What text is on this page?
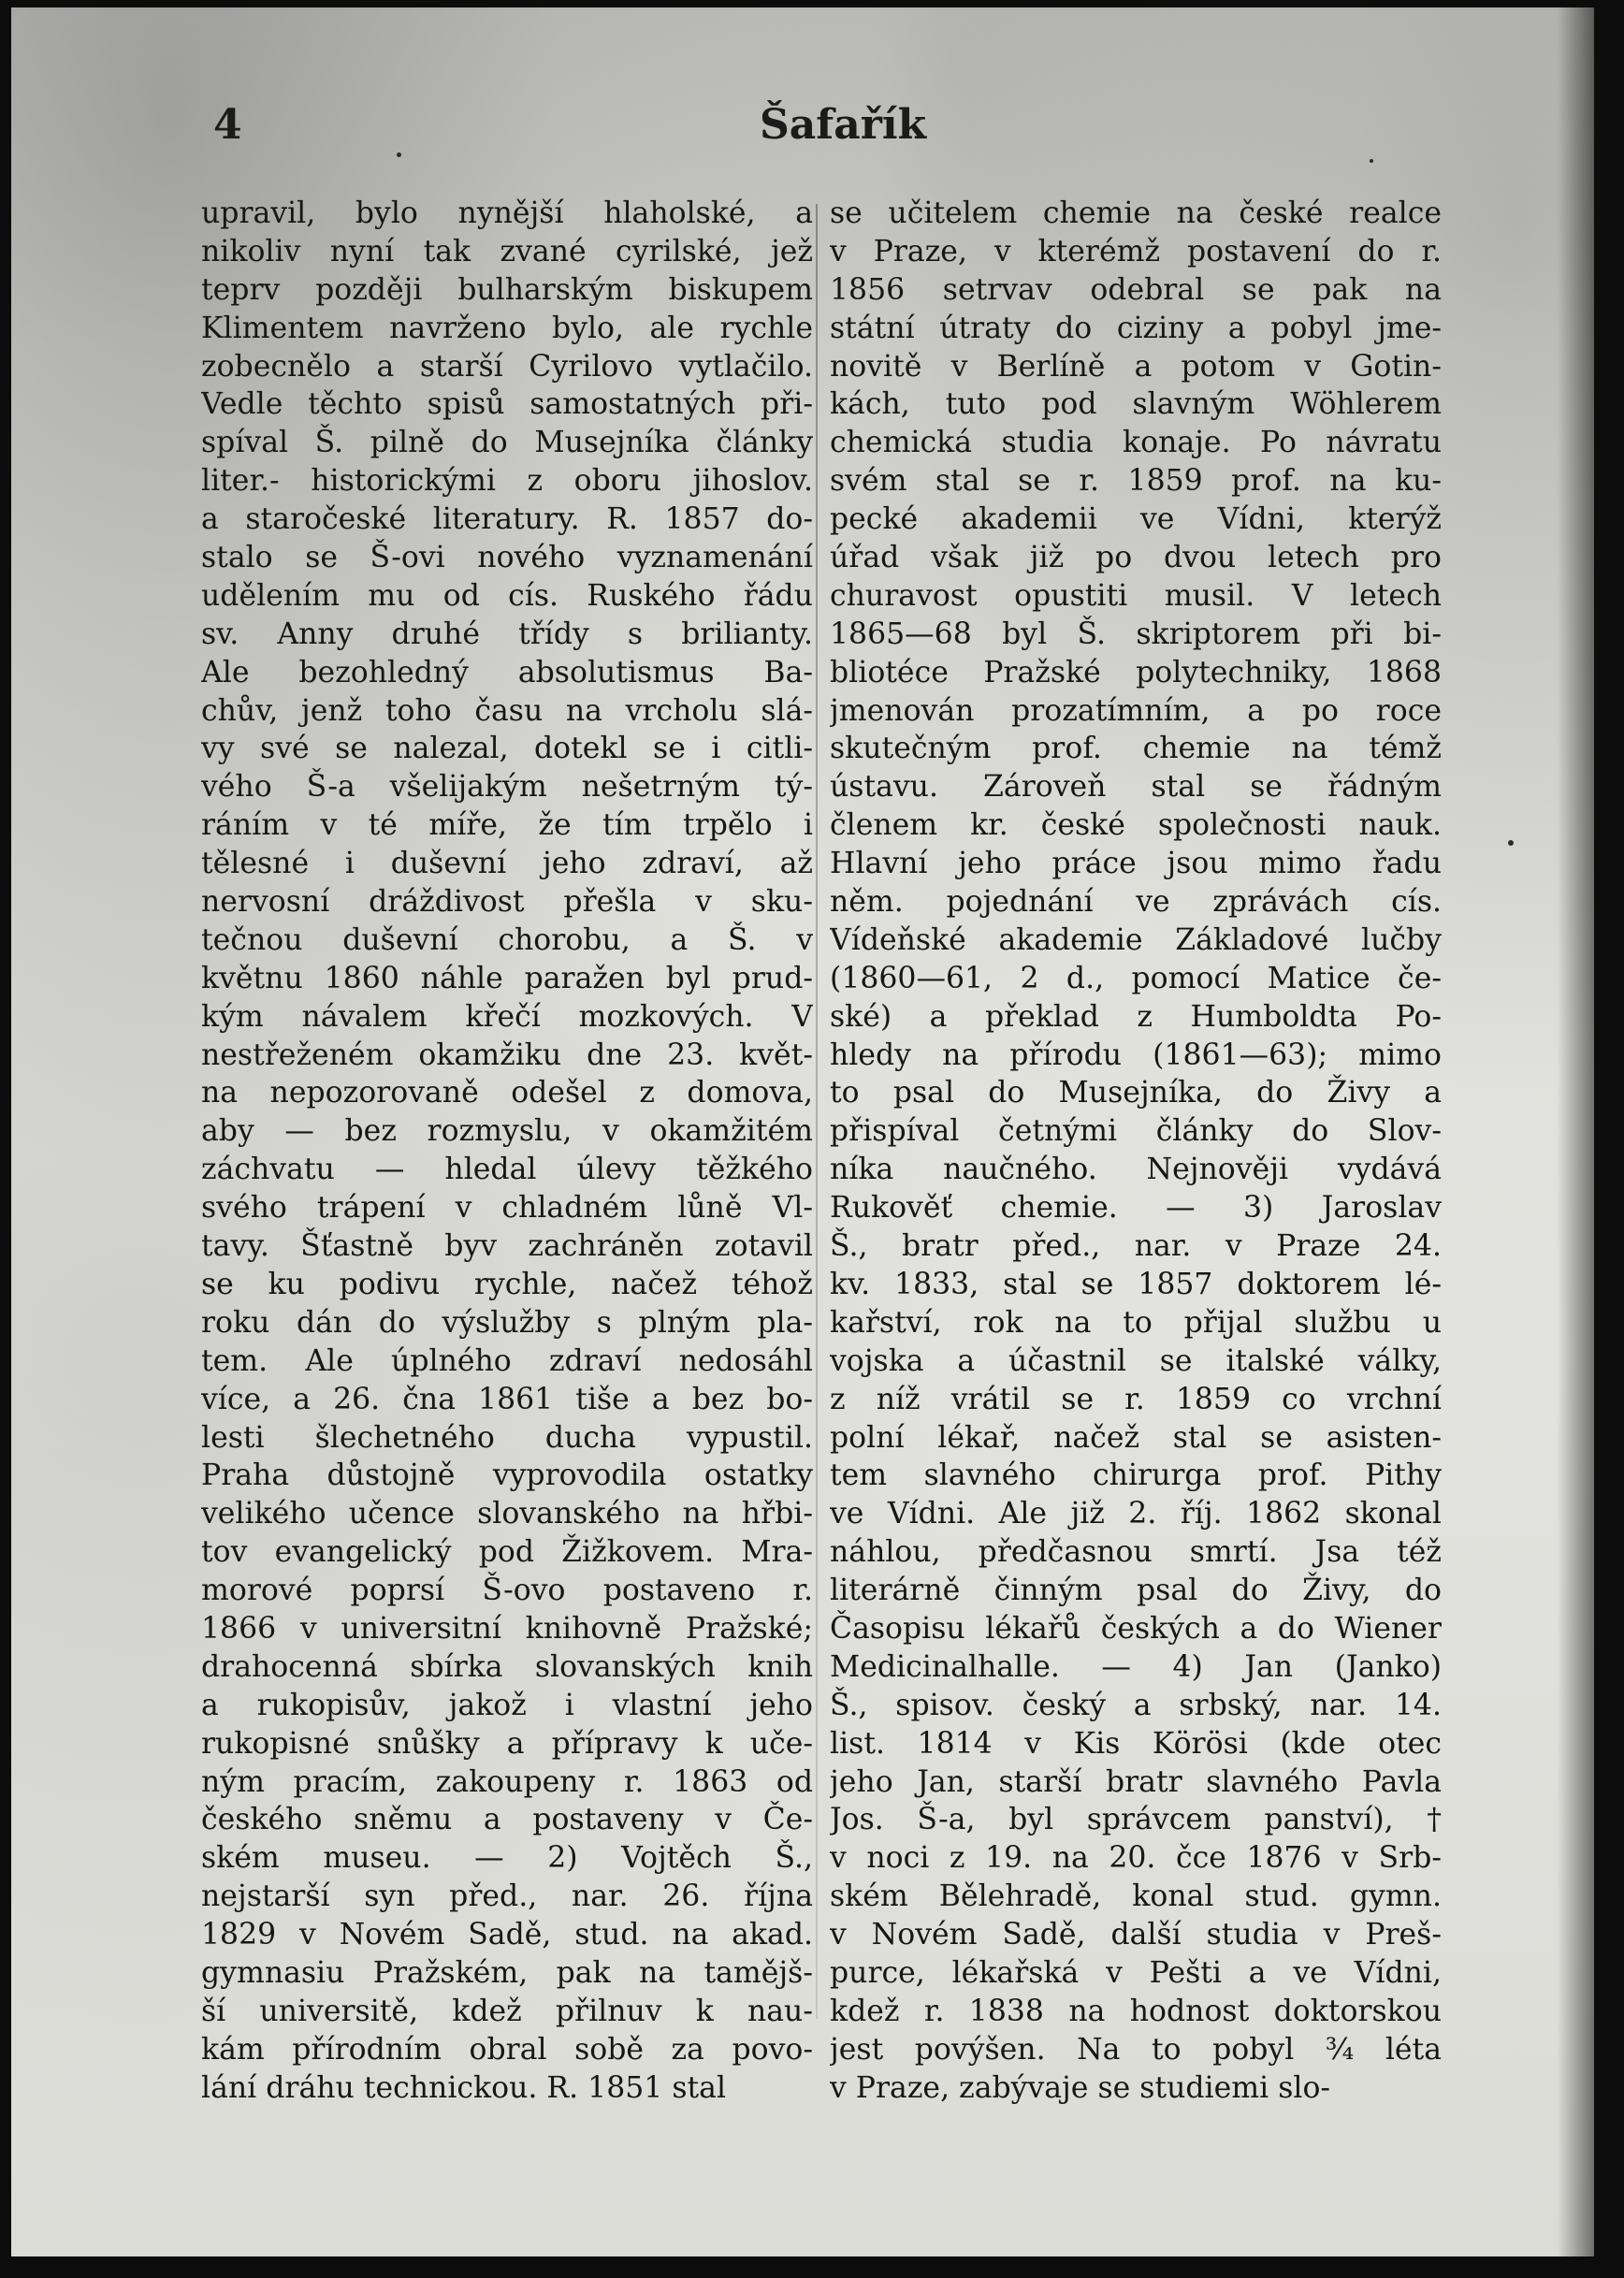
4	Šafařík
upravil, bylo nynější hlaholské, a
nikoliv nyní tak zvané cyrilské, jež
teprv později bulharským biskupem
Klimentem navrženo bylo, ale rychle
zobecnělo a starší Cyrilovo vytlačilo.
Vedle těchto spisů samostatných při-
spíval Š. pilně do Musejníka články
liter.- historickými z oboru jihoslov.
a staročeské literatury. R. 1857 do-
stalo se Š-ovi nového vyznamenání
udělením mu od cís. Ruského řádu
sv. Anny druhé třídy s brilianty.
Ale bezohledný absolutismus Ba-
chův, jenž toho času na vrcholu slá-
vy své se nalezal, dotekl se i citli-
vého Š-a všelijakým nešetrným tý-
ráním v té míře, že tím trpělo i
tělesné i duševní jeho zdraví, až
nervosní dráždivost přešla v sku-
tečnou duševní chorobu, a Š. v
květnu 1860 náhle paražen byl prud-
kým návalem křečí mozkových. V
nestřeženém okamžiku dne 23. květ-
na nepozorovaně odešel z domova,
aby — bez rozmyslu, v okamžitém
záchvatu — hledal úlevy těžkého
svého trápení v chladném lůně Vl-
tavy. Šťastně byv zachráněn zotavil
se ku podivu rychle, načež téhož
roku dán do výslužby s plným pla-
tem. Ale úplného zdraví nedosáhl
více, a 26. čna 1861 tiše a bez bo-
lesti šlechetného ducha vypustil.
Praha důstojně vyprovodila ostatky
velikého učence slovanského na hřbi-
tov evangelický pod Žižkovem. Mra-
morové poprsí Š-ovo postaveno r.
1866 v universitní knihovně Pražské;
drahocenná sbírka slovanských knih
a rukopisův, jakož i vlastní jeho
rukopisné snůšky a přípravy k uče-
ným pracím, zakoupeny r. 1863 od
českého sněmu a postaveny v Če-
ském museu. — 2) Vojtěch Š.,
nejstarší syn před., nar. 26. října
1829 v Novém Sadě, stud. na akad.
gymnasiu Pražském, pak na tamějš-
ší universitě, kdež přilnuv k nau-
kám přírodním obral sobě za povo-
lání dráhu technickou. R. 1851 stal
se učitelem chemie na české realce
v Praze, v kterémž postavení do r.
1856 setrvav odebral se pak na
státní útraty do ciziny a pobyl jme-
novitě v Berlíně a potom v Gotin-
kách, tuto pod slavným Wöhlerem
chemická studia konaje. Po návratu
svém stal se r. 1859 prof. na ku-
pecké akademii ve Vídni, kterýž
úřad však již po dvou letech pro
churavost opustiti musil. V letech
1865—68 byl Š. skriptorem při bi-
bliotéce Pražské polytechniky, 1868
jmenován prozatímním, a po roce
skutečným prof. chemie na témž
ústavu. Zároveň stal se řádným
členem kr. české společnosti nauk.
Hlavní jeho práce jsou mimo řadu
něm. pojednání ve zprávách cís.
Vídeňské akademie Základové lučby
(1860—61, 2 d., pomocí Matice če-
ské) a překlad z Humboldta Po-
hledy na přírodu (1861—63); mimo
to psal do Musejníka, do Živy a
přispíval četnými články do Slov-
níka naučného. Nejnověji vydává
Rukověť chemie. — 3) Jaroslav
Š., bratr před., nar. v Praze 24.
kv. 1833, stal se 1857 doktorem lé-
kařství, rok na to přijal službu u
vojska a účastnil se italské války,
z níž vrátil se r. 1859 co vrchní
polní lékař, načež stal se asisten-
tem slavného chirurga prof. Pithy
ve Vídni. Ale již 2. říj. 1862 skonal
náhlou, předčasnou smrtí. Jsa též
literárně činným psal do Živy, do
Časopisu lékařů českých a do Wiener
Medicinalhalle. — 4) Jan (Janko)
Š., spisov. český a srbský, nar. 14.
list. 1814 v Kis Körösi (kde otec
jeho Jan, starší bratr slavného Pavla
Jos. Š-a, byl správcem panství), †
v noci z 19. na 20. čce 1876 v Srb-
ském Bělehradě, konal stud. gymn.
v Novém Sadě, další studia v Preš-
purce, lékařská v Pešti a ve Vídni,
kdež r. 1838 na hodnost doktorskou
jest povýšen. Na to pobyl ¾ léta
v Praze, zabývaje se studiemi slo-
